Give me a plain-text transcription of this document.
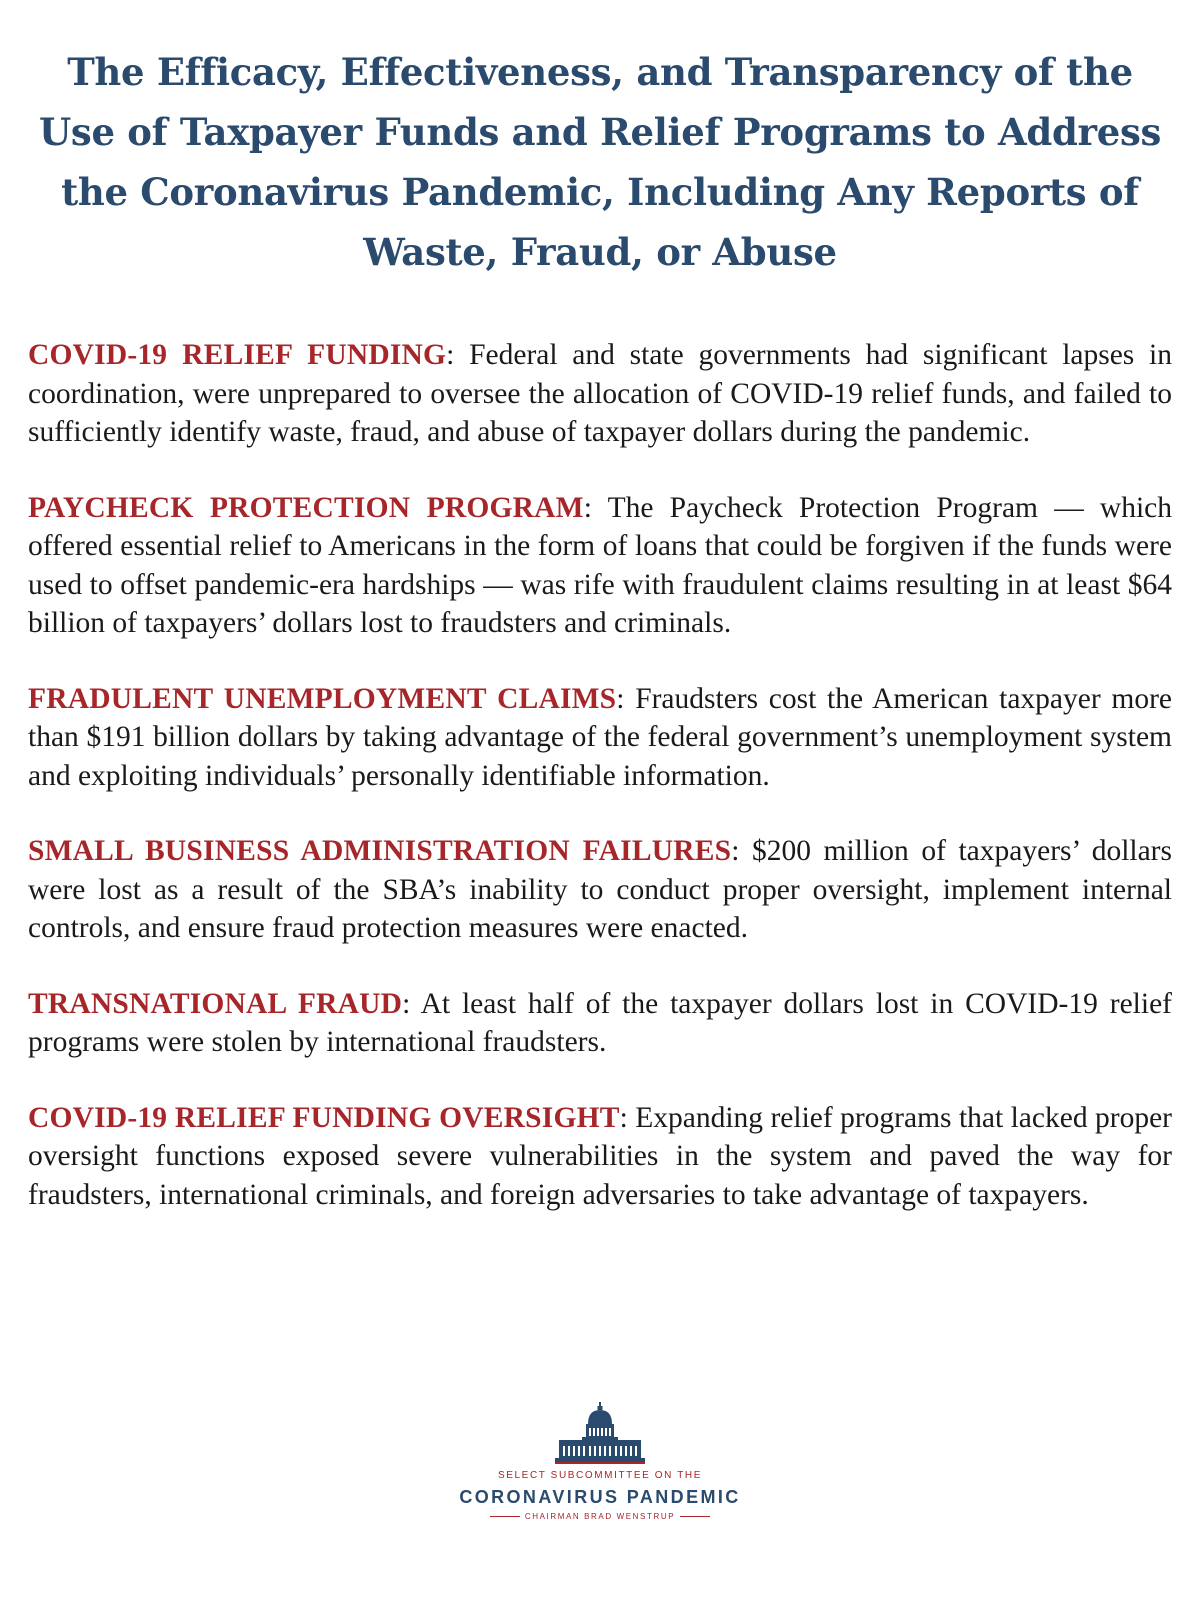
The Efficacy, Effectiveness, and Transparency of the Use of Taxpayer Funds and Relief Programs to Address the Coronavirus Pandemic, Including Any Reports of Waste, Fraud, or Abuse

COVID-19 RELIEF FUNDING: Federal and state governments had significant lapses in coordination, were unprepared to oversee the allocation of COVID-19 relief funds, and failed to sufficiently identify waste, fraud, and abuse of taxpayer dollars during the pandemic.

PAYCHECK PROTECTION PROGRAM: The Paycheck Protection Program — which offered essential relief to Americans in the form of loans that could be forgiven if the funds were used to offset pandemic-era hardships — was rife with fraudulent claims resulting in at least $64 billion of taxpayers’ dollars lost to fraudsters and criminals.

FRADULENT UNEMPLOYMENT CLAIMS: Fraudsters cost the American taxpayer more than $191 billion dollars by taking advantage of the federal government’s unemployment system and exploiting individuals’ personally identifiable information.

SMALL BUSINESS ADMINISTRATION FAILURES: $200 million of taxpayers’ dollars were lost as a result of the SBA’s inability to conduct proper oversight, implement internal controls, and ensure fraud protection measures were enacted.

TRANSNATIONAL FRAUD: At least half of the taxpayer dollars lost in COVID-19 relief programs were stolen by international fraudsters.

COVID-19 RELIEF FUNDING OVERSIGHT: Expanding relief programs that lacked proper oversight functions exposed severe vulnerabilities in the system and paved the way for fraudsters, international criminals, and foreign adversaries to take advantage of taxpayers.

SELECT SUBCOMMITTEE ON THE
CORONAVIRUS PANDEMIC
CHAIRMAN BRAD WENSTRUP
